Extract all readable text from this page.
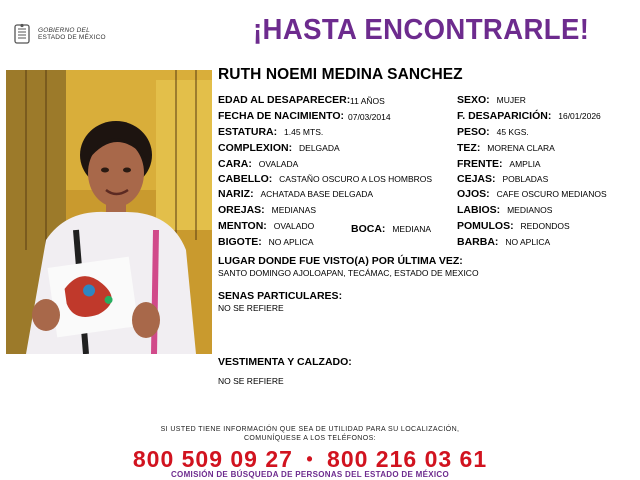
GOBIERNO DEL
ESTADO DE MÉXICO	¡HASTA ENCONTRARLE!
RUTH NOEMI MEDINA SANCHEZ
EDAD AL DESAPARECER: 11 AÑOS
FECHA DE NACIMIENTO: 07/03/2014
ESTATURA: 1.45 MTS.
COMPLEXION: DELGADA
CARA: OVALADA
CABELLO: CASTAÑO OSCURO A LOS HOMBROS
NARIZ: ACHATADA BASE DELGADA
OREJAS: MEDIANAS
MENTON: OVALADO	BOCA: MEDIANA
BIGOTE: NO APLICA
SEXO: MUJER
F. DESAPARICIÓN: 16/01/2026
PESO: 45 KGS.
TEZ: MORENA CLARA
FRENTE: AMPLIA
CEJAS: POBLADAS
OJOS: CAFE OSCURO MEDIANOS
LABIOS: MEDIANOS
POMULOS: REDONDOS
BARBA: NO APLICA
LUGAR DONDE FUE VISTO(A) POR ÚLTIMA VEZ:
SANTO DOMINGO AJOLOAPAN, TECÁMAC, ESTADO DE MEXICO
SENAS PARTICULARES:
NO SE REFIERE
VESTIMENTA Y CALZADO:
NO SE REFIERE
SI USTED TIENE INFORMACIÓN QUE SEA DE UTILIDAD PARA SU LOCALIZACIÓN,
COMUNÍQUESE A LOS TELÉFONOS:
800 509 09 27 • 800 216 03 61
COMISIÓN DE BÚSQUEDA DE PERSONAS DEL ESTADO DE MÉXICO
